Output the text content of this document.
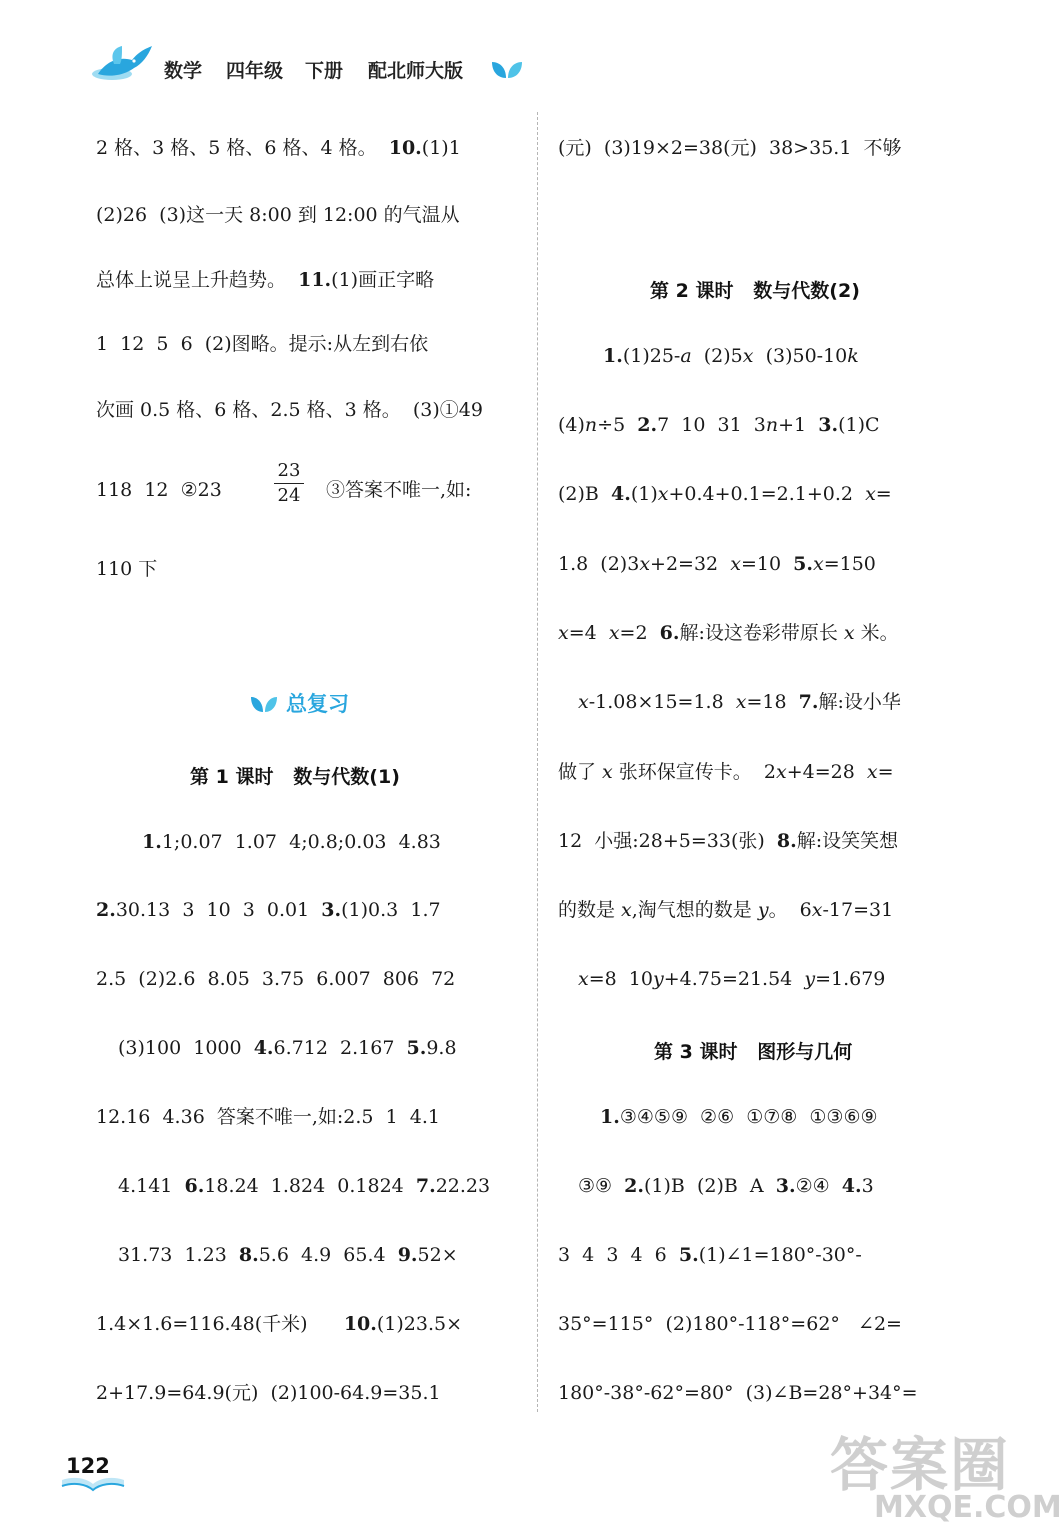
数学 四年级 下册 配北师大版
2 格、3 格、5 格、6 格、4 格。  10.(1)1
(2)26  (3)这一天 8:00 到 12:00 的气温从
总体上说呈上升趋势。  11.(1)画正字略
1  12  5  6  (2)图略。提示:从左到右依
次画 0.5 格、6 格、2.5 格、3 格。  (3)①49
118  12  ②23
23
24 ③答案不唯一,如:
110 下
总复习
第 1 课时   数与代数(1)
1.1;0.07  1.07  4;0.8;0.03  4.83
2.30.13  3  10  3  0.01  3.(1)0.3  1.7
2.5  (2)2.6  8.05  3.75  6.007  806  72
(3)100  1000  4.6.712  2.167  5.9.8
12.16  4.36  答案不唯一,如:2.5  1  4.1
4.141  6.18.24  1.824  0.1824  7.22.23
31.73  1.23  8.5.6  4.9  65.4  9.52×
1.4×1.6=116.48(千米)      10.(1)23.5×
2+17.9=64.9(元)  (2)100-64.9=35.1
(元)  (3)19×2=38(元)  38>35.1  不够
第 2 课时   数与代数(2)
1.(1)25-a  (2)5x  (3)50-10k
(4)n÷5  2.7  10  31  3n+1  3.(1)C
(2)B  4.(1)x+0.4+0.1=2.1+0.2  x=
1.8  (2)3x+2=32  x=10  5.x=150
x=4  x=2  6.解:设这卷彩带原长 x 米。
x-1.08×15=1.8  x=18  7.解:设小华
做了 x 张环保宣传卡。  2x+4=28  x=
12  小强:28+5=33(张)  8.解:设笑笑想
的数是 x,淘气想的数是 y。  6x-17=31
x=8  10y+4.75=21.54  y=1.679
第 3 课时   图形与几何
1.③④⑤⑨  ②⑥  ①⑦⑧  ①③⑥⑨
③⑨  2.(1)B  (2)B  A  3.②④  4.3
3  4  3  4  6  5.(1)∠1=180°-30°-
35°=115°  (2)180°-118°=62°   ∠2=
180°-38°-62°=80°  (3)∠B=28°+34°=
122	答案圈
MXQE.COM
